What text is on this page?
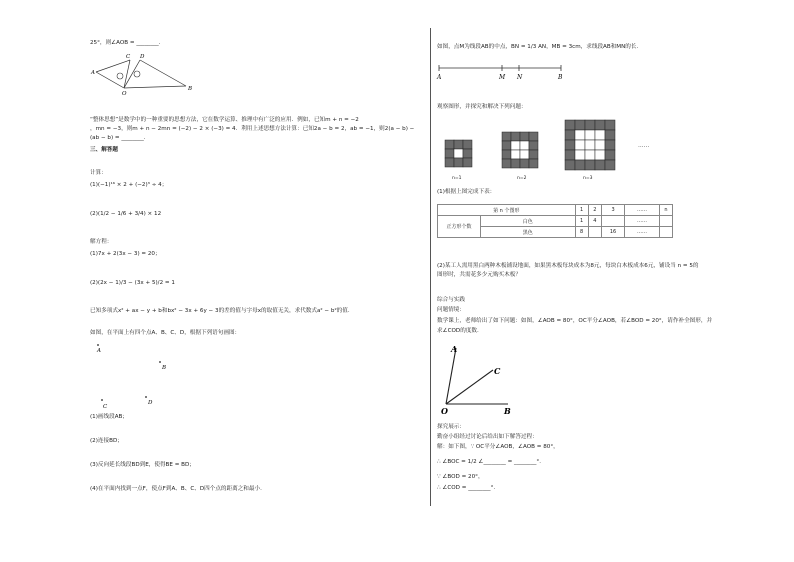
25°，则∠AOB = ________.
A
C D
O
B
“整体思想”是数学中的一种重要的思想方法，它在数学运算、推理中有广泛的应用．例如，已知m + n = −2
，mn = −3，则m + n − 2mn = (−2) − 2 × (−3) = 4．利用上述思想方法计算：已知2a − b = 2，ab = −1，则2(a − b) −
(ab − b) = ________.
三、解答题
计算：
(1)(−1)¹⁶ × 2 + (−2)³ ÷ 4；
(2)(1/2 − 1/6 + 3/4) × 12
解方程：
(1)7x + 2(3x − 3) = 20；
(2)(2x − 1)/3 − (3x + 5)/2 = 1
已知多项式x² + ax − y + b和bx² − 3x + 6y − 3的差的值与字母x的取值无关，求代数式a² − b²的值.
如图，在平面上有四个点A、B、C、D，根据下列语句画图：
A
B
C
D
(1)画线段AB；
(2)连接BD；
(3)反向延长线段BD到E，使得BE = BD；
(4)在平面内找到一点F，使点F到A、B、C、D四个点的距离之和最小.
如图，点M为线段AB的中点，BN = 1/3 AN，MB = 3cm，求线段AB和MN的长.
A	M N	B
观察图形，并探究和解决下列问题：
n=1	n=2	n=3
……
(1)根据上图完成下表：
第 n 个图形		1	2	3	……	n
正方形个数	白色	1	4		……	
	黑色	8		16	……	
(2)某工人需用黑白两种木板铺设地面，如果黑木板每块成本为8元，每块白木板成本6元，铺设当 n = 5的
图形时，共需花多少元购买木板？
综合与实践
问题情境：
数学课上，老师给出了如下问题：如图，∠AOB = 80°，OC平分∠AOB，若∠BOD = 20°，请作补全图形，并
求∠COD的度数.
A
C
O	B
探究展示：
勤奋小组经过讨论后给出如下解答过程：
解：如下图，∵ OC平分∠AOB，∠AOB = 80°，
∴ ∠BOC = 1/2 ∠________ = ________°.
∵ ∠BOD = 20°，
∴ ∠COD = ________°.
